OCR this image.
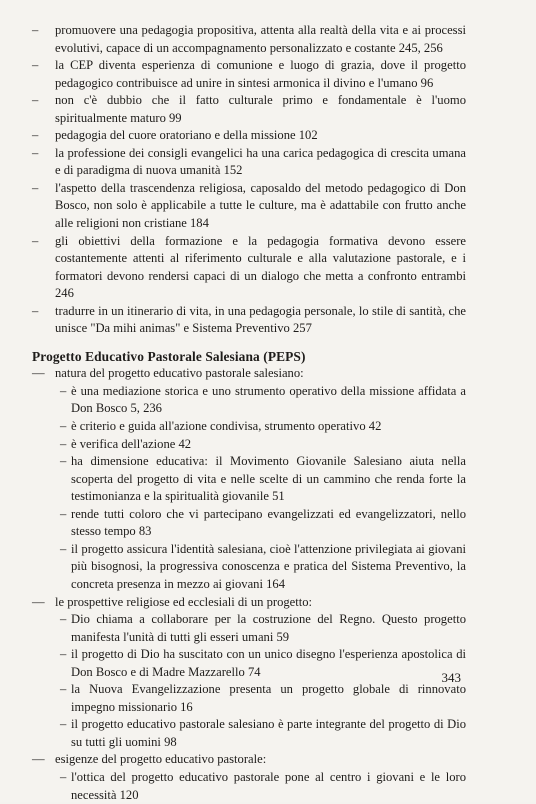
–	promuovere una pedagogia propositiva, attenta alla realtà della vita e ai processi evolutivi, capace di un accompagnamento personalizzato e costante 245, 256
–	la CEP diventa esperienza di comunione e luogo di grazia, dove il progetto pedagogico contribuisce ad unire in sintesi armonica il divino e l'umano 96
–	non c'è dubbio che il fatto culturale primo e fondamentale è l'uomo spiritualmente maturo 99
–	pedagogia del cuore oratoriano e della missione 102
–	la professione dei consigli evangelici ha una carica pedagogica di crescita umana e di paradigma di nuova umanità 152
–	l'aspetto della trascendenza religiosa, caposaldo del metodo pedagogico di Don Bosco, non solo è applicabile a tutte le culture, ma è adattabile con frutto anche alle religioni non cristiane 184
–	gli obiettivi della formazione e la pedagogia formativa devono essere costantemente attenti al riferimento culturale e alla valutazione pastorale, e i formatori devono rendersi capaci di un dialogo che metta a confronto entrambi 246
–	tradurre in un itinerario di vita, in una pedagogia personale, lo stile di santità, che unisce "Da mihi animas" e Sistema Preventivo 257
Progetto Educativo Pastorale Salesiana (PEPS)
— natura del progetto educativo pastorale salesiano:
– è una mediazione storica e uno strumento operativo della missione affidata a Don Bosco 5, 236
– è criterio e guida all'azione condivisa, strumento operativo 42
– è verifica dell'azione 42
– ha dimensione educativa: il Movimento Giovanile Salesiano aiuta nella scoperta del progetto di vita e nelle scelte di un cammino che renda forte la testimonianza e la spiritualità giovanile 51
– rende tutti coloro che vi partecipano evangelizzati ed evangelizzatori, nello stesso tempo 83
– il progetto assicura l'identità salesiana, cioè l'attenzione privilegiata ai giovani più bisognosi, la progressiva conoscenza e pratica del Sistema Preventivo, la concreta presenza in mezzo ai giovani 164
— le prospettive religiose ed ecclesiali di un progetto:
– Dio chiama a collaborare per la costruzione del Regno. Questo progetto manifesta l'unità di tutti gli esseri umani 59
– il progetto di Dio ha suscitato con un unico disegno l'esperienza apostolica di Don Bosco e di Madre Mazzarello 74
– la Nuova Evangelizzazione presenta un progetto globale di rinnovato impegno missionario 16
– il progetto educativo pastorale salesiano è parte integrante del progetto di Dio su tutti gli uomini 98
— esigenze del progetto educativo pastorale:
– l'ottica del progetto educativo pastorale pone al centro i giovani e le loro necessità 120
343
